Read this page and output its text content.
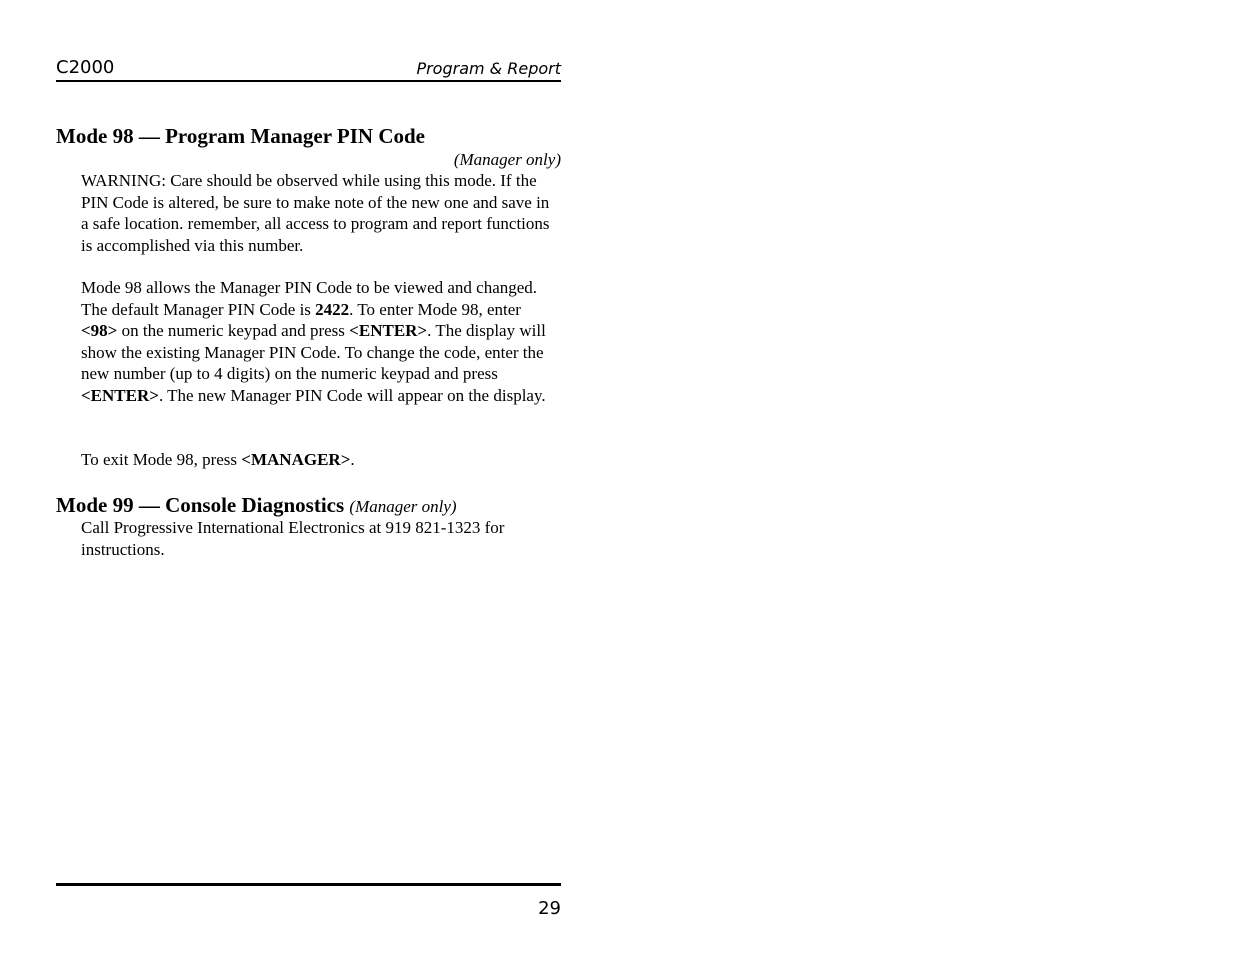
C2000	Program & Report
Mode 98 — Program Manager PIN Code
(Manager only)
WARNING: Care should be observed while using this mode. If the PIN Code is altered, be sure to make note of the new one and save in a safe location. remember, all access to program and report functions is accomplished via this number.
Mode 98 allows the Manager PIN Code to be viewed and changed. The default Manager PIN Code is 2422. To enter Mode 98, enter <98> on the numeric keypad and press <ENTER>. The display will show the existing Manager PIN Code. To change the code, enter the new number (up to 4 digits) on the numeric keypad and press <ENTER>. The new Manager PIN Code will appear on the display.
To exit Mode 98, press <MANAGER>.
Mode 99 — Console Diagnostics (Manager only)
Call Progressive International Electronics at 919 821-1323 for instructions.
29
